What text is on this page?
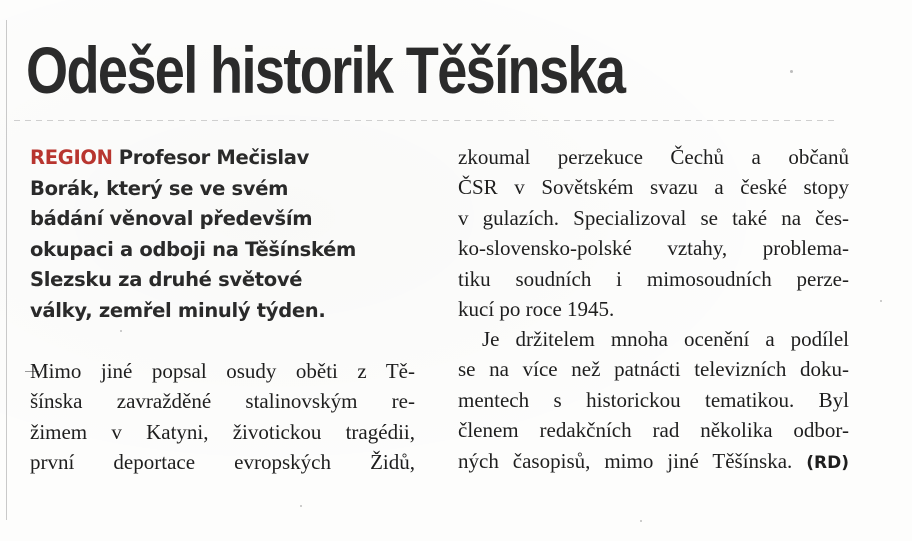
Odešel historik Těšínska
REGION Profesor Mečislav
Borák, který se ve svém
bádání věnoval především
okupaci a odboji na Těšínském
Slezsku za druhé světové
války, zemřel minulý týden.
Mimo jiné popsal osudy oběti z Tě-
šínska zavražděné stalinovským re-
žimem v Katyni, životickou tragédii,
první deportace evropských Židů,
zkoumal perzekuce Čechů a občanů
ČSR v Sovětském svazu a české stopy
v gulazích. Specializoval se také na čes-
ko-slovensko-polské vztahy, problema-
tiku soudních i mimosoudních perze-
kucí po roce 1945.
Je držitelem mnoha ocenění a podílel
se na více než patnácti televizních doku-
mentech s historickou tematikou. Byl
členem redakčních rad několika odbor-
ných časopisů, mimo jiné Těšínska. (RD)
